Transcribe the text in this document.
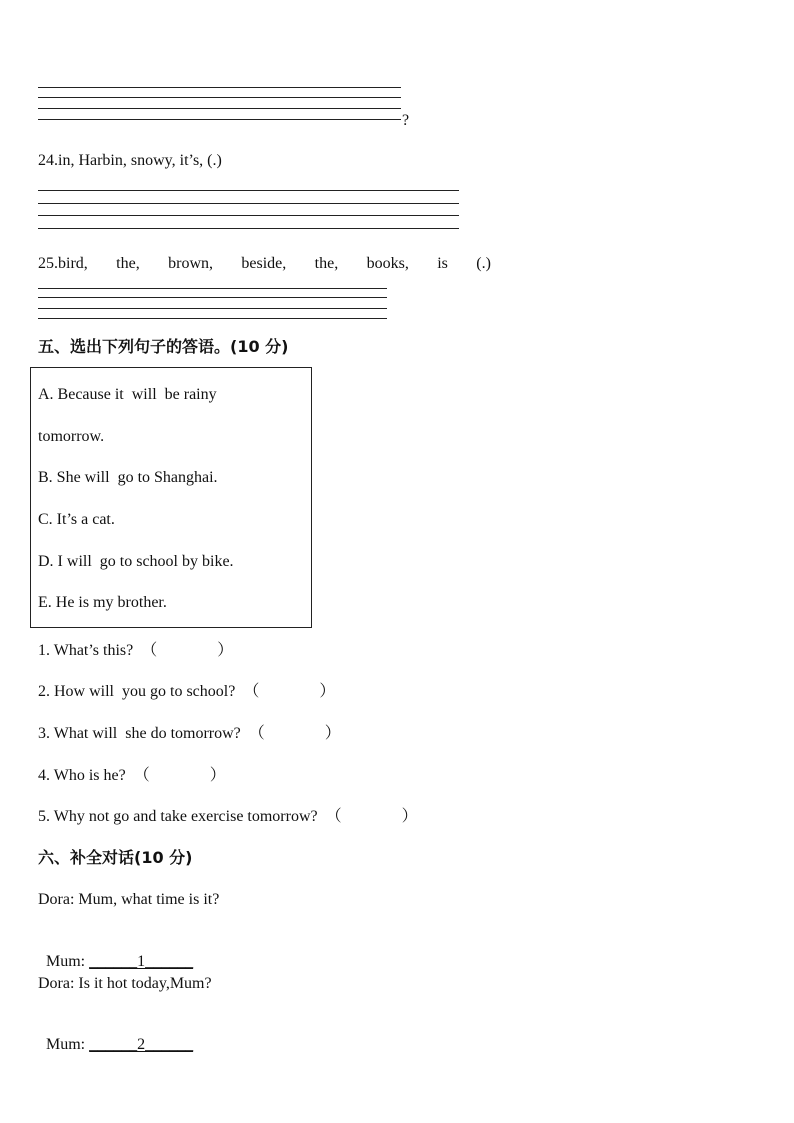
?
24.in, Harbin, snowy, it’s, (.)
25.bird, the, brown, beside, the, books, is (.)
五、选出下列句子的答语。(10 分)
A. Because it  will  be rainy
tomorrow.
B. She will  go to Shanghai.
C. It’s a cat.
D. I will  go to school by bike.
E. He is my brother.
1. What’s this?  （               ）
2. How will  you go to school?  （               ）
3. What will  she do tomorrow?  （               ）
4. Who is he?  （               ）
5. Why not go and take exercise tomorrow?  （               ）
六、补全对话(10 分)
Dora: Mum, what time is it?

Mum: ______1______

Dora: Is it hot today,Mum?

Mum: ______2______
